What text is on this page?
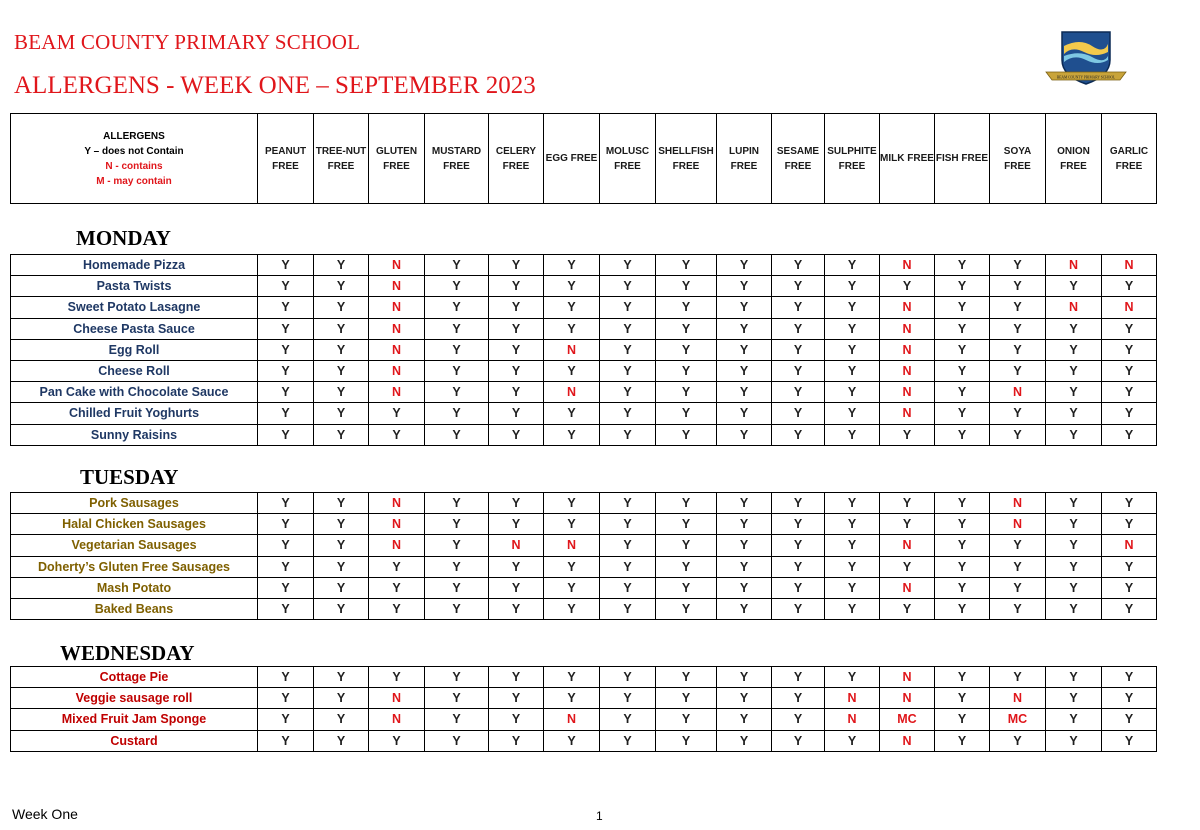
BEAM COUNTY PRIMARY SCHOOL
ALLERGENS - WEEK ONE – SEPTEMBER 2023	BEAM COUNTY PRIMARY SCHOOL
ALLERGENS
Y – does not Contain
N - contains
M - may contain
	PEANUT FREE	TREE-NUT FREE	GLUTEN FREE	MUSTARD FREE	CELERY FREE	EGG FREE	MOLUSC FREE	SHELLFISH FREE	LUPIN FREE	SESAME FREE	SULPHITE FREE	MILK FREE	FISH FREE	SOYA FREE	ONION FREE	GARLIC FREE
MONDAY
Homemade Pizza	Y	Y	N	Y	Y	Y	Y	Y	Y	Y	Y	N	Y	Y	N	N
Pasta Twists	Y	Y	N	Y	Y	Y	Y	Y	Y	Y	Y	Y	Y	Y	Y	Y
Sweet Potato Lasagne	Y	Y	N	Y	Y	Y	Y	Y	Y	Y	Y	N	Y	Y	N	N
Cheese Pasta Sauce	Y	Y	N	Y	Y	Y	Y	Y	Y	Y	Y	N	Y	Y	Y	Y
Egg Roll	Y	Y	N	Y	Y	N	Y	Y	Y	Y	Y	N	Y	Y	Y	Y
Cheese Roll	Y	Y	N	Y	Y	Y	Y	Y	Y	Y	Y	N	Y	Y	Y	Y
Pan Cake with Chocolate Sauce	Y	Y	N	Y	Y	N	Y	Y	Y	Y	Y	N	Y	N	Y	Y
Chilled Fruit Yoghurts	Y	Y	Y	Y	Y	Y	Y	Y	Y	Y	Y	N	Y	Y	Y	Y
Sunny Raisins	Y	Y	Y	Y	Y	Y	Y	Y	Y	Y	Y	Y	Y	Y	Y	Y
TUESDAY
Pork Sausages	Y	Y	N	Y	Y	Y	Y	Y	Y	Y	Y	Y	Y	N	Y	Y
Halal Chicken Sausages	Y	Y	N	Y	Y	Y	Y	Y	Y	Y	Y	Y	Y	N	Y	Y
Vegetarian Sausages	Y	Y	N	Y	N	N	Y	Y	Y	Y	Y	N	Y	Y	Y	N
Doherty’s Gluten Free Sausages	Y	Y	Y	Y	Y	Y	Y	Y	Y	Y	Y	Y	Y	Y	Y	Y
Mash Potato	Y	Y	Y	Y	Y	Y	Y	Y	Y	Y	Y	N	Y	Y	Y	Y
Baked Beans	Y	Y	Y	Y	Y	Y	Y	Y	Y	Y	Y	Y	Y	Y	Y	Y
WEDNESDAY
Cottage Pie	Y	Y	Y	Y	Y	Y	Y	Y	Y	Y	Y	N	Y	Y	Y	Y
Veggie sausage roll	Y	Y	N	Y	Y	Y	Y	Y	Y	Y	N	N	Y	N	Y	Y
Mixed Fruit Jam Sponge	Y	Y	N	Y	Y	N	Y	Y	Y	Y	N	MC	Y	MC	Y	Y
Custard	Y	Y	Y	Y	Y	Y	Y	Y	Y	Y	Y	N	Y	Y	Y	Y
Week One	1
